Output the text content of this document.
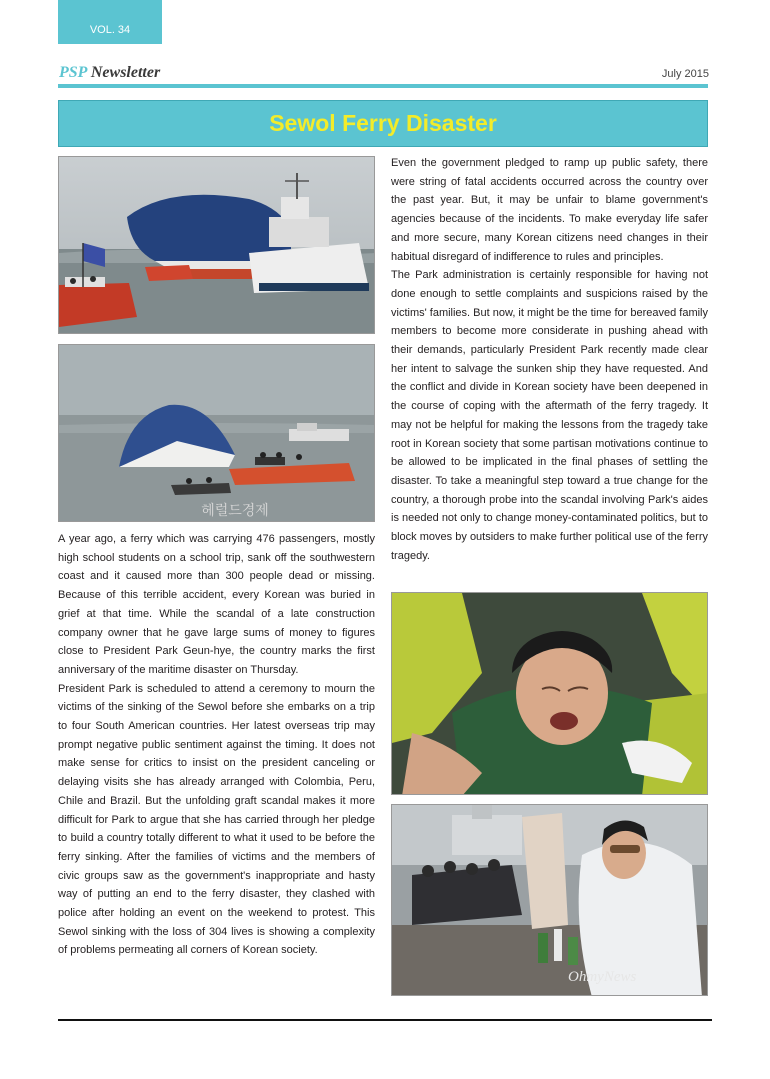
VOL. 34
PSP Newsletter	July 2015
Sewol Ferry Disaster
헤럴드경제

A year ago, a ferry which was carrying 476 passengers, mostly high school students on a school trip, sank off the southwestern coast and it caused more than 300 people dead or missing. Because of this terrible accident, every Korean was buried in grief at that time. While the scandal of a late construction company owner that he gave large sums of money to figures close to President Park Geun-hye, the country marks the first anniversary of the maritime disaster on Thursday.

President Park is scheduled to attend a ceremony to mourn the victims of the sinking of the Sewol before she embarks on a trip to four South American countries. Her latest overseas trip may prompt negative public sentiment against the timing. It does not make sense for critics to insist on the president canceling or delaying visits she has already arranged with Colombia, Peru, Chile and Brazil. But the unfolding graft scandal makes it more difficult for Park to argue that she has carried through her pledge to build a country totally different to what it used to be before the ferry sinking. After the families of victims and the members of civic groups saw as the government's inappropriate and hasty way of putting an end to the ferry disaster, they clashed with police after holding an event on the weekend to protest. This Sewol sinking with the loss of 304 lives is showing a complexity of problems permeating all corners of Korean society.

Even the government pledged to ramp up public safety, there were string of fatal accidents occurred across the country over the past year. But, it may be unfair to blame government's agencies because of the incidents. To make everyday life safer and more secure, many Korean citizens need changes in their habitual disregard of indifference to rules and principles.

The Park administration is certainly responsible for having not done enough to settle complaints and suspicions raised by the victims' families. But now, it might be the time for bereaved family members to become more considerate in pushing ahead with their demands, particularly President Park recently made clear her intent to salvage the sunken ship they have requested. And the conflict and divide in Korean society have been deepened in the course of coping with the aftermath of the ferry tragedy. It may not be helpful for making the lessons from the tragedy take root in Korean society that some partisan motivations continue to be allowed to be implicated in the final phases of settling the disaster. To take a meaningful step toward a true change for the country, a thorough probe into the scandal involving Park's aides is needed not only to change money-contaminated politics, but to block moves by outsiders to make further political use of the ferry tragedy.

OhmyNews
